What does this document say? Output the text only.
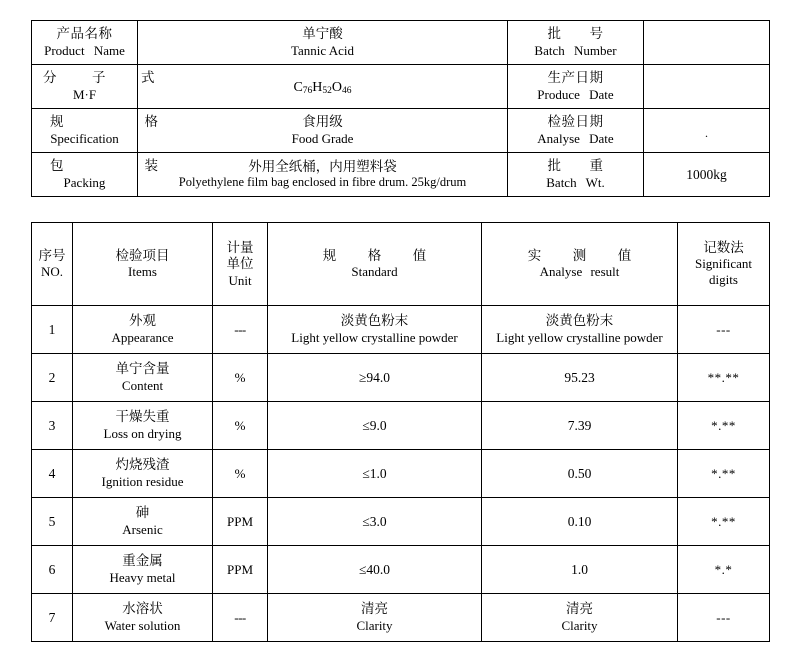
产品名称
Product Name	单宁酸
Tannic Acid	批　　号
Batch Number	

分　子　式
M·F	$C_{76}H_{52}O_{46}$	生产日期
Produce Date	

规　　格
Specification	食用级
Food Grade	检验日期
Analyse Date	·

包　　装
Packing	外用全纸桶，内用塑料袋
Polyethylene film bag enclosed in fibre drum. 25kg/drum	批　　重
Batch Wt.	1000kg
序号
NO.	检验项目
Items	计量
单位
Unit	规　格　值
Standard	实　测　值
Analyse result	记数法
Significant
digits

1	外观
Appearance	---	淡黄色粉末
Light yellow crystalline powder	淡黄色粉末
Light yellow crystalline powder	---
2	单宁含量
Content	%	≥94.0	95.23	**.**
3	干燥失重
Loss on drying	%	≤9.0	7.39	*.**
4	灼烧残渣
Ignition residue	%	≤1.0	0.50	*.**
5	砷
Arsenic	PPM	≤3.0	0.10	*.**
6	重金属
Heavy metal	PPM	≤40.0	1.0	*.*
7	水溶状
Water solution	---	清亮
Clarity	清亮
Clarity	---
